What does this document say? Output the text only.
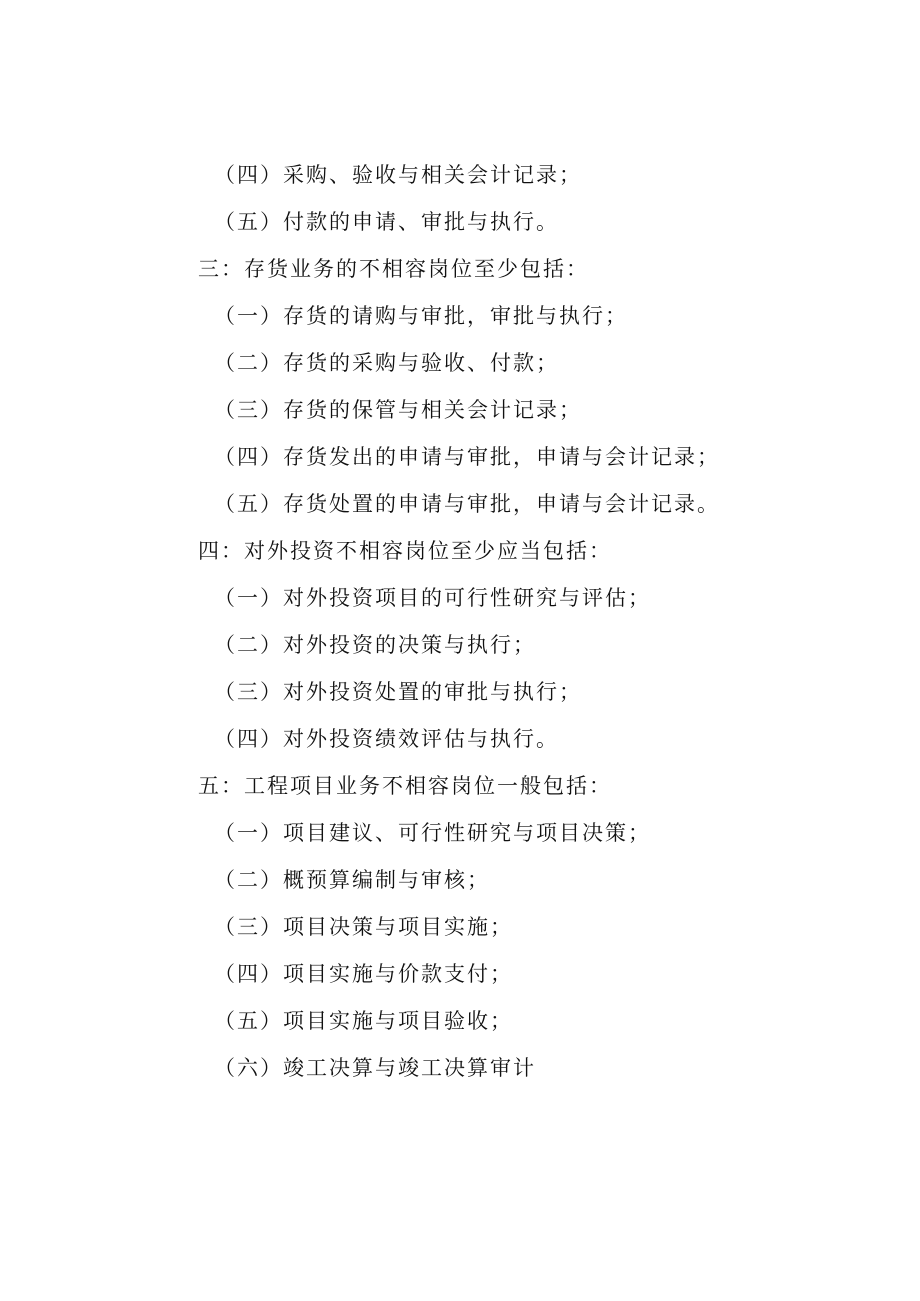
（四）采购、验收与相关会计记录；
（五）付款的申请、审批与执行。
三：存货业务的不相容岗位至少包括：
（一）存货的请购与审批，审批与执行；
（二）存货的采购与验收、付款；
（三）存货的保管与相关会计记录；
（四）存货发出的申请与审批，申请与会计记录；
（五）存货处置的申请与审批，申请与会计记录。
四：对外投资不相容岗位至少应当包括：
（一）对外投资项目的可行性研究与评估；
（二）对外投资的决策与执行；
（三）对外投资处置的审批与执行；
（四）对外投资绩效评估与执行。
五：工程项目业务不相容岗位一般包括：
（一）项目建议、可行性研究与项目决策；
（二）概预算编制与审核；
（三）项目决策与项目实施；
（四）项目实施与价款支付；
（五）项目实施与项目验收；
（六）竣工决算与竣工决算审计
